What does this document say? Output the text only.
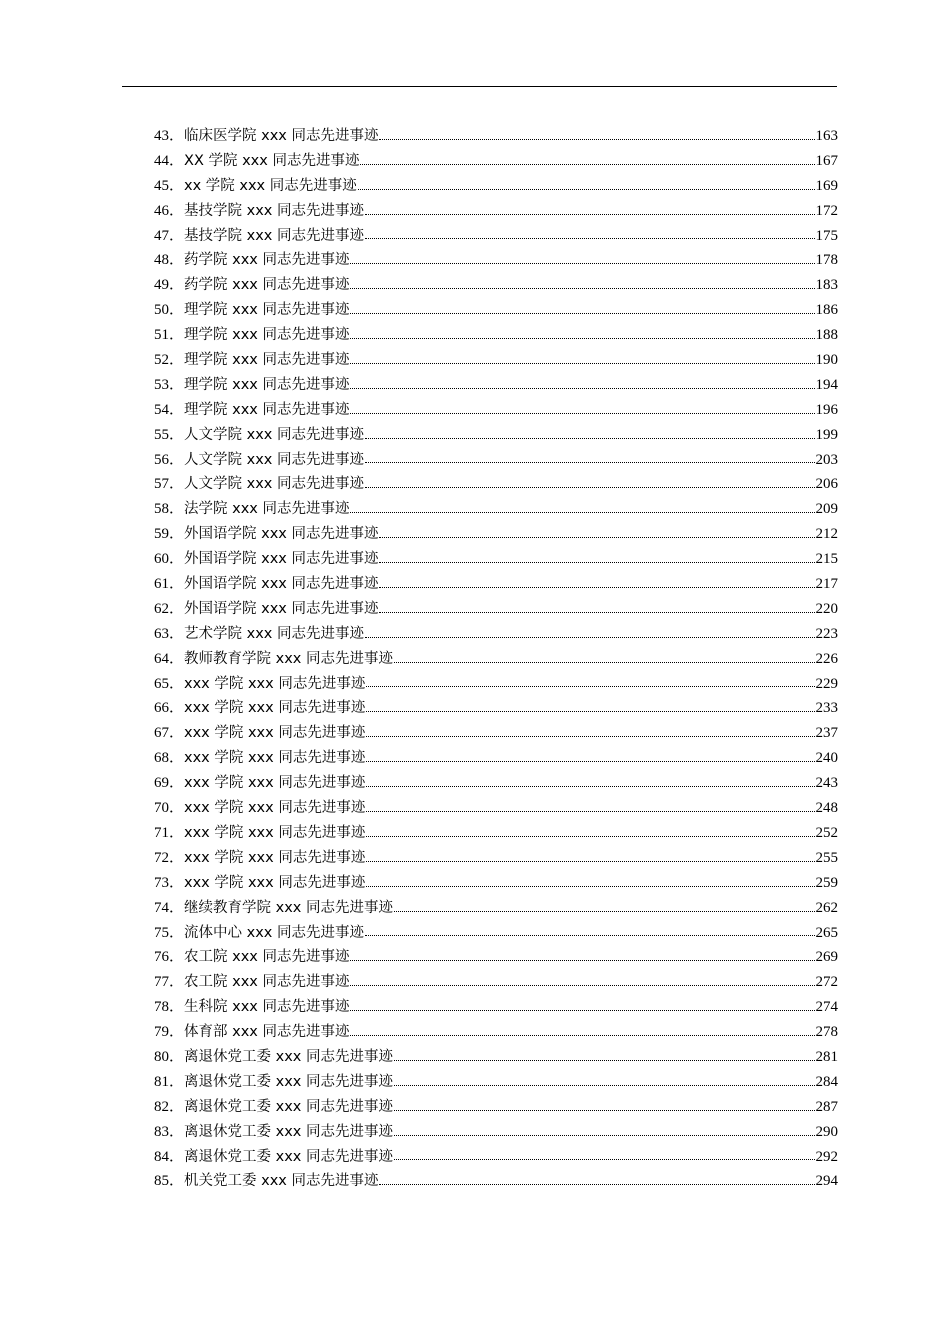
43． 临床医学院 xxx 同志先进事迹	163
44． XX 学院 xxx 同志先进事迹	167
45． xx 学院 xxx 同志先进事迹	169
46． 基技学院 xxx 同志先进事迹	172
47． 基技学院 xxx 同志先进事迹	175
48． 药学院 xxx 同志先进事迹	178
49． 药学院 xxx 同志先进事迹	183
50． 理学院 xxx 同志先进事迹	186
51． 理学院 xxx 同志先进事迹	188
52． 理学院 xxx 同志先进事迹	190
53． 理学院 xxx 同志先进事迹	194
54． 理学院 xxx 同志先进事迹	196
55． 人文学院 xxx 同志先进事迹	199
56． 人文学院 xxx 同志先进事迹	203
57． 人文学院 xxx 同志先进事迹	206
58． 法学院 xxx 同志先进事迹	209
59． 外国语学院 xxx 同志先进事迹	212
60． 外国语学院 xxx 同志先进事迹	215
61． 外国语学院 xxx 同志先进事迹	217
62． 外国语学院 xxx 同志先进事迹	220
63． 艺术学院 xxx 同志先进事迹	223
64． 教师教育学院 xxx 同志先进事迹	226
65． xxx 学院 xxx 同志先进事迹	229
66． xxx 学院 xxx 同志先进事迹	233
67． xxx 学院 xxx 同志先进事迹	237
68． xxx 学院 xxx 同志先进事迹	240
69． xxx 学院 xxx 同志先进事迹	243
70． xxx 学院 xxx 同志先进事迹	248
71． xxx 学院 xxx 同志先进事迹	252
72． xxx 学院 xxx 同志先进事迹	255
73． xxx 学院 xxx 同志先进事迹	259
74． 继续教育学院 xxx 同志先进事迹	262
75． 流体中心 xxx 同志先进事迹	265
76． 农工院 xxx 同志先进事迹	269
77． 农工院 xxx 同志先进事迹	272
78． 生科院 xxx 同志先进事迹	274
79． 体育部 xxx 同志先进事迹	278
80． 离退休党工委 xxx 同志先进事迹	281
81． 离退休党工委 xxx 同志先进事迹	284
82． 离退休党工委 xxx 同志先进事迹	287
83． 离退休党工委 xxx 同志先进事迹	290
84． 离退休党工委 xxx 同志先进事迹	292
85． 机关党工委 xxx 同志先进事迹	294
